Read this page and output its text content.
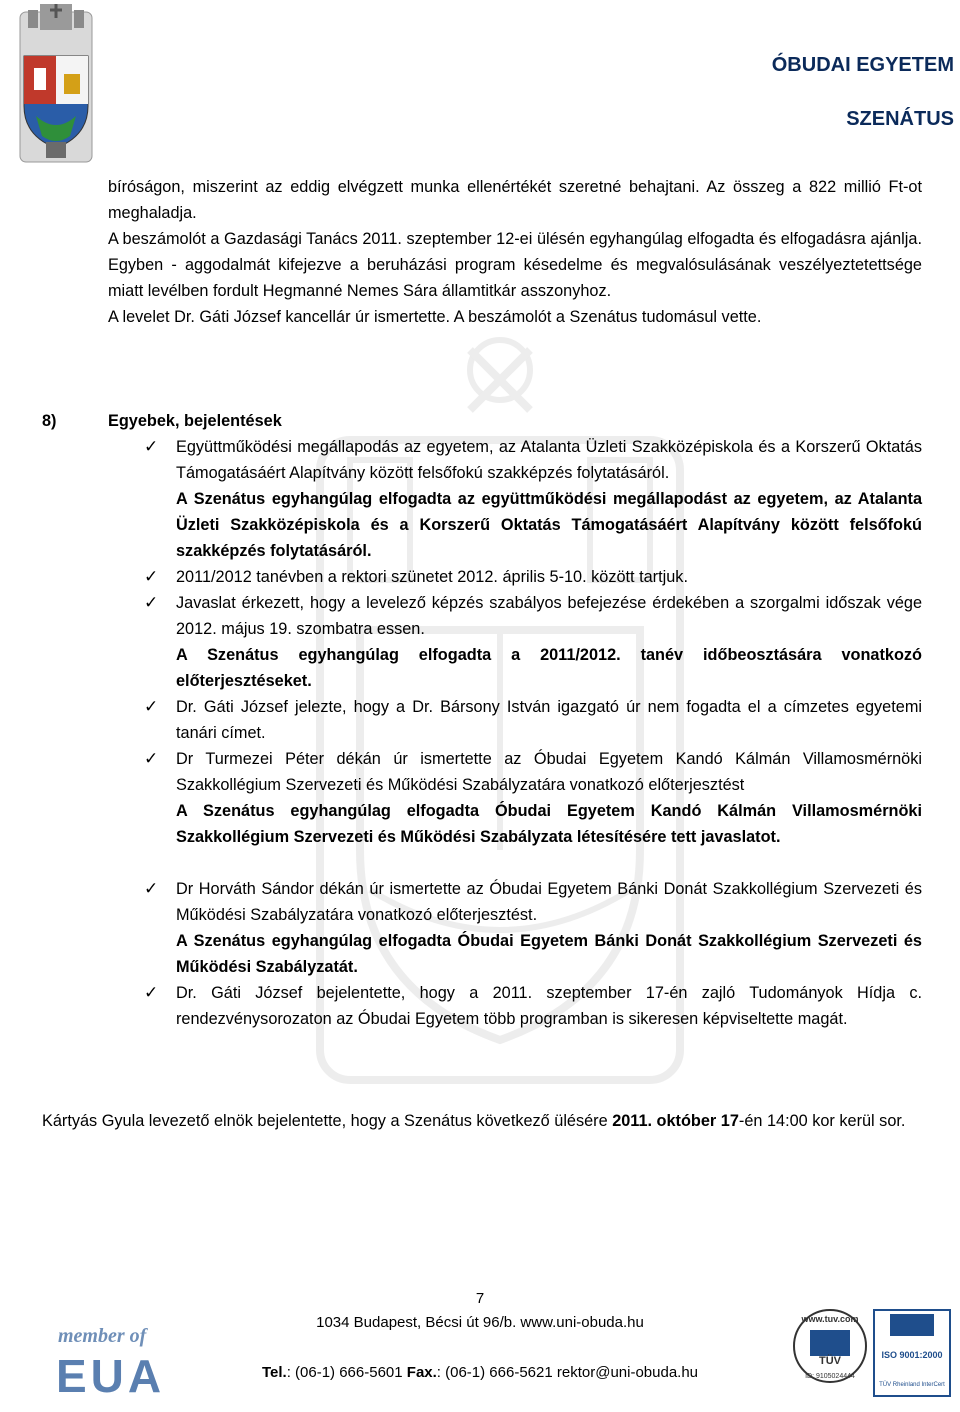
ÓBUDAI EGYETEM
SZENÁTUS

bíróságon, miszerint az eddig elvégzett munka ellenértékét szeretné behajtani. Az összeg a 822 millió Ft-ot meghaladja.

A beszámolót a Gazdasági Tanács 2011. szeptember 12-ei ülésén egyhangúlag elfogadta és elfogadásra ajánlja. Egyben - aggodalmát kifejezve a beruházási program késedelme és megvalósulásának veszélyeztetettsége miatt levélben fordult Hegmanné Nemes Sára államtitkár asszonyhoz.

A levelet Dr. Gáti József kancellár úr ismertette. A beszámolót a Szenátus tudomásul vette.

8)	Egyebek, bejelentések
✓ Együttműködési megállapodás az egyetem, az Atalanta Üzleti Szakközépiskola és a Korszerű Oktatás Támogatásáért Alapítvány között felsőfokú szakképzés folytatásáról.
A Szenátus egyhangúlag elfogadta az együttműködési megállapodást az egyetem, az Atalanta Üzleti Szakközépiskola és a Korszerű Oktatás Támogatásáért Alapítvány között felsőfokú szakképzés folytatásáról.
✓ 2011/2012 tanévben a rektori szünetet 2012. április 5-10. között tartjuk.
✓ Javaslat érkezett, hogy a levelező képzés szabályos befejezése érdekében a szorgalmi időszak vége 2012. május 19. szombatra essen.
A Szenátus egyhangúlag elfogadta a 2011/2012. tanév időbeosztására vonatkozó előterjesztéseket.
✓ Dr. Gáti József jelezte, hogy a Dr. Bársony István igazgató úr nem fogadta el a címzetes egyetemi tanári címet.
✓ Dr Turmezei Péter dékán úr ismertette az Óbudai Egyetem Kandó Kálmán Villamosmérnöki Szakkollégium Szervezeti és Működési Szabályzatára vonatkozó előterjesztést
A Szenátus egyhangúlag elfogadta Óbudai Egyetem Kandó Kálmán Villamosmérnöki Szakkollégium Szervezeti és Működési Szabályzata létesítésére tett javaslatot.
✓ Dr Horváth Sándor dékán úr ismertette az Óbudai Egyetem Bánki Donát Szakkollégium Szervezeti és Működési Szabályzatára vonatkozó előterjesztést.
A Szenátus egyhangúlag elfogadta Óbudai Egyetem Bánki Donát Szakkollégium Szervezeti és Működési Szabályzatát.
✓ Dr. Gáti József bejelentette, hogy a 2011. szeptember 17-én zajló Tudományok Hídja c. rendezvénysorozaton az Óbudai Egyetem több programban is sikeresen képviseltette magát.
Kártyás Gyula levezető elnök bejelentette, hogy a Szenátus következő ülésére 2011. október 17-én 14:00 kor kerül sor.
7
1034 Budapest, Bécsi út 96/b. www.uni-obuda.hu
Tel.: (06-1) 666-5601 Fax.: (06-1) 666-5621 rektor@uni-obuda.hu
member of
EUA
www.tuv.com
TÜV
ID: 9105024444
ISO 9001:2000
TÜV Rheinland InterCert
